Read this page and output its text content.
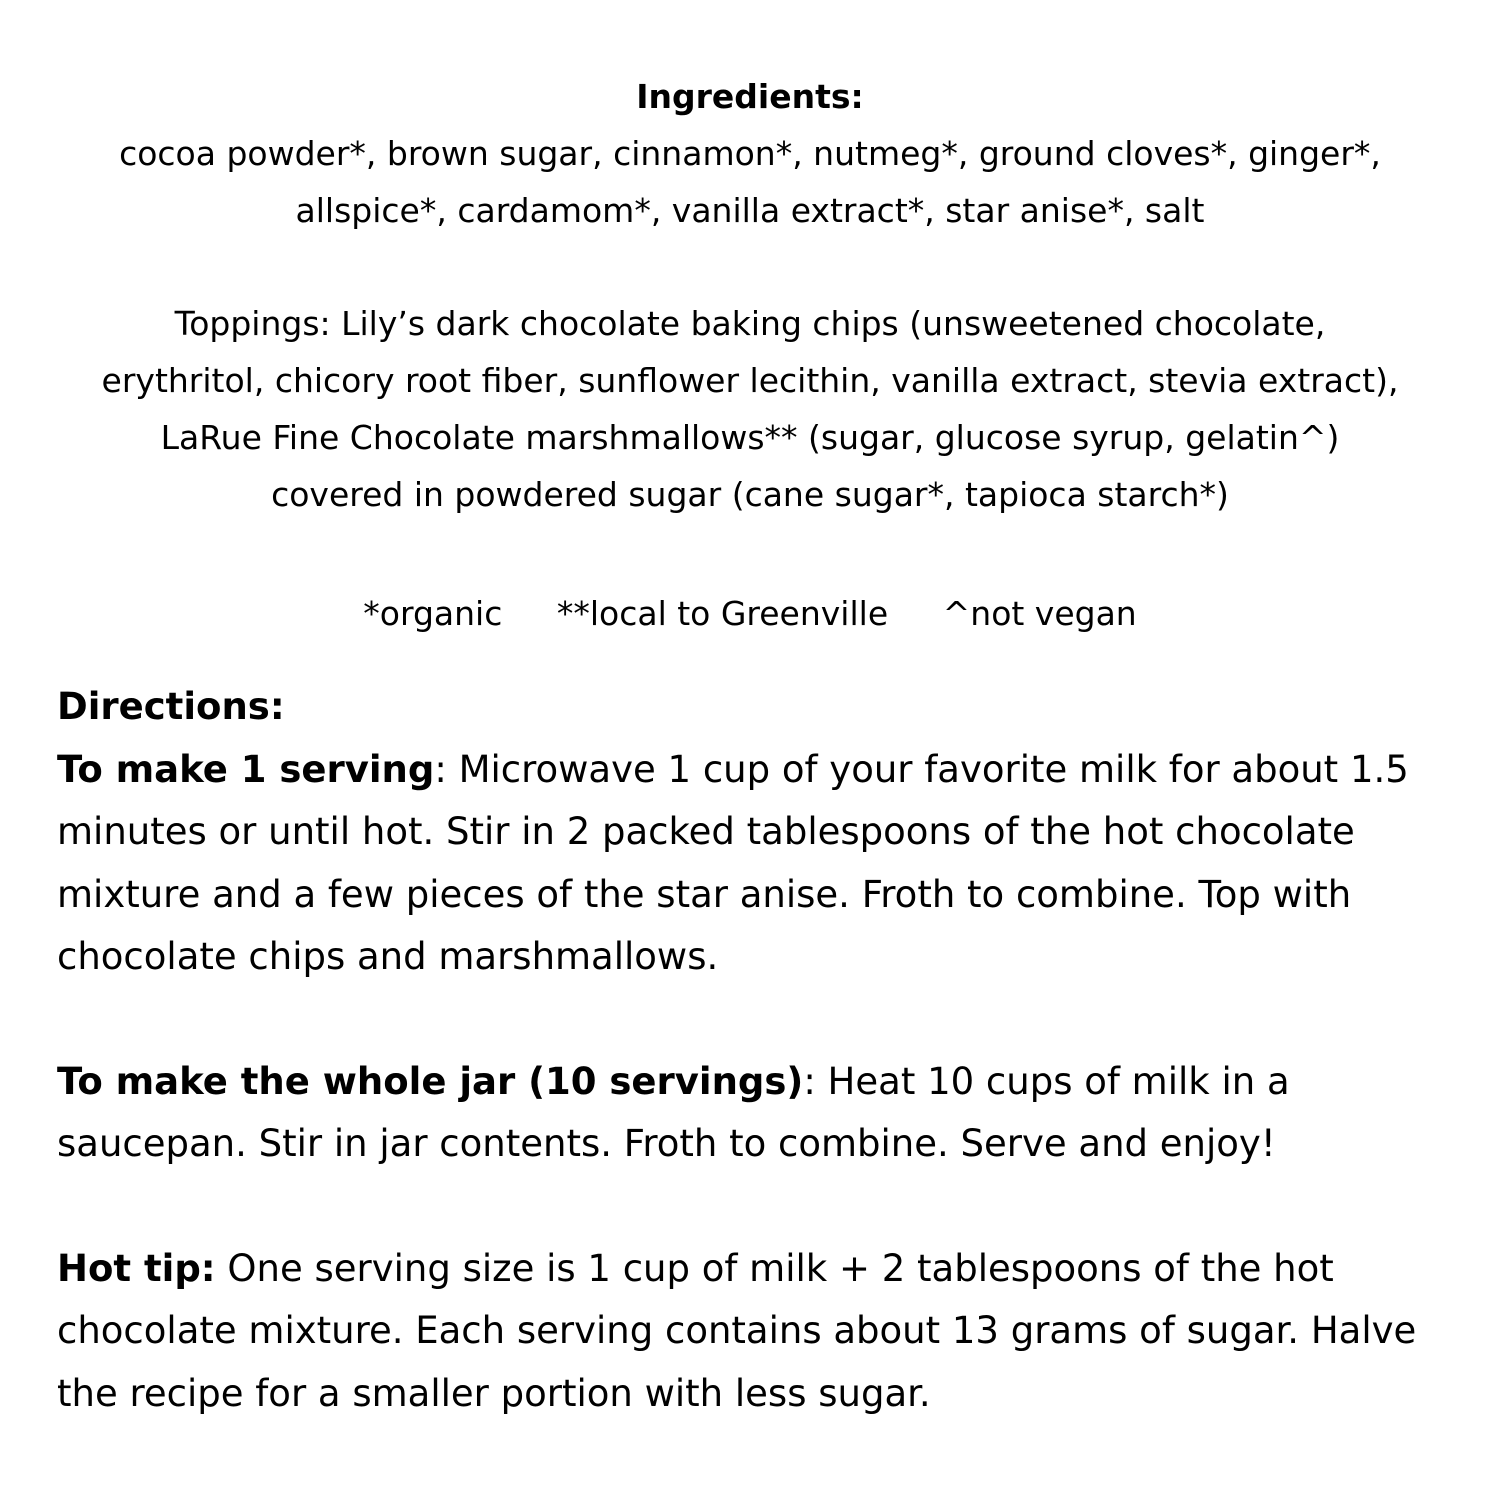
Ingredients:
cocoa powder*, brown sugar, cinnamon*, nutmeg*, ground cloves*, ginger*,
allspice*, cardamom*, vanilla extract*, star anise*, salt
Toppings: Lily’s dark chocolate baking chips (unsweetened chocolate,
erythritol, chicory root fiber, sunflower lecithin, vanilla extract, stevia extract),
LaRue Fine Chocolate marshmallows** (sugar, glucose syrup, gelatin^)
covered in powdered sugar (cane sugar*, tapioca starch*)
*organic **local to Greenville ^not vegan
Directions:
To make 1 serving: Microwave 1 cup of your favorite milk for about 1.5 minutes or until hot. Stir in 2 packed tablespoons of the hot chocolate mixture and a few pieces of the star anise. Froth to combine. Top with chocolate chips and marshmallows.
To make the whole jar (10 servings): Heat 10 cups of milk in a saucepan. Stir in jar contents. Froth to combine. Serve and enjoy!
Hot tip: One serving size is 1 cup of milk + 2 tablespoons of the hot chocolate mixture. Each serving contains about 13 grams of sugar. Halve the recipe for a smaller portion with less sugar.
